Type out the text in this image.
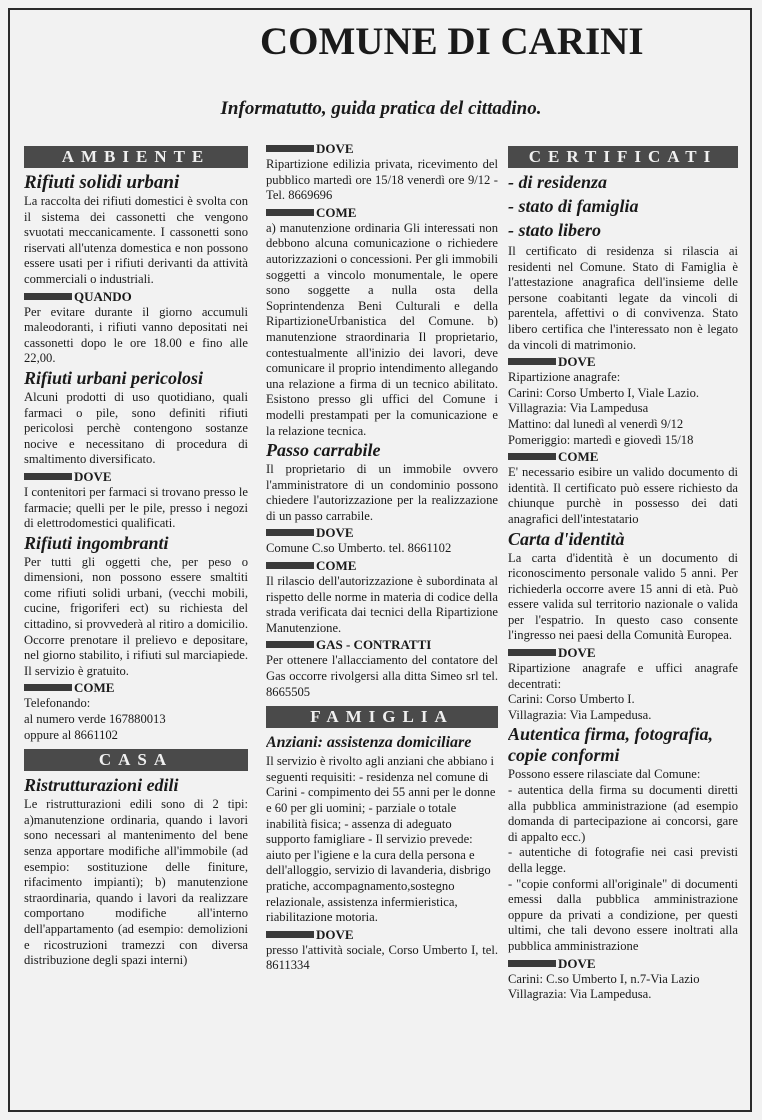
COMUNE DI CARINI

Informatutto, guida pratica del cittadino.

AMBIENTE
Rifiuti solidi urbani

La raccolta dei rifiuti domestici è svolta con il sistema dei cassonetti che vengono svuotati meccanicamente. I cassonetti sono riservati all'utenza domestica e non possono essere usati per i rifiuti derivanti da attività commerciali o industriali.

QUANDO

Per evitare durante il giorno accumuli maleodoranti, i rifiuti vanno depositati nei cassonetti dopo le ore 18.00 e fino alle 22,00.

Rifiuti urbani pericolosi

Alcuni prodotti di uso quotidiano, quali farmaci o pile, sono definiti rifiuti pericolosi perchè contengono sostanze nocive e necessitano di procedura di smaltimento diversificato.

DOVE

I contenitori per farmaci si trovano presso le farmacie; quelli per le pile, presso i negozi di elettrodomestici qualificati.

Rifiuti ingombranti

Per tutti gli oggetti che, per peso o dimensioni, non possono essere smaltiti come rifiuti solidi urbani, (vecchi mobili, cucine, frigoriferi ect) su richiesta del cittadino, si provvederà al ritiro a domicilio. Occorre prenotare il prelievo e depositare, nel giorno stabilito, i rifiuti sul marciapiede. Il servizio è gratuito.

COME

Telefonando:

al numero verde 167880013

oppure al 8661102

CASA
Ristrutturazioni edili

Le ristrutturazioni edili sono di 2 tipi: a)manutenzione ordinaria, quando i lavori sono necessari al mantenimento del bene senza apportare modifiche all'immobile (ad esempio: sostituzione delle finiture, rifacimento impianti); b) manutenzione straordinaria, quando i lavori da realizzare comportano modifiche all'interno dell'appartamento (ad esempio: demolizioni e ricostruzioni tramezzi con diversa distribuzione degli spazi interni)

DOVE

Ripartizione edilizia privata, ricevimento del pubblico martedì ore 15/18 venerdì ore 9/12 - Tel. 8669696

COME

a) manutenzione ordinaria Gli interessati non debbono alcuna comunicazione o richiedere autorizzazioni o concessioni. Per gli immobili soggetti a vincolo monumentale, le opere sono soggette a nulla osta della Soprintendenza Beni Culturali e della RipartizioneUrbanistica del Comune. b) manutenzione straordinaria Il proprietario, contestualmente all'inizio dei lavori, deve comunicare il proprio intendimento allegando una relazione a firma di un tecnico abilitato. Esistono presso gli uffici del Comune i modelli prestampati per la comunicazione e la relazione tecnica.

Passo carrabile

Il proprietario di un immobile ovvero l'amministratore di un condominio possono chiedere l'autorizzazione per la realizzazione di un passo carrabile.

DOVE

Comune C.so Umberto. tel. 8661102

COME

Il rilascio dell'autorizzazione è subordinata al rispetto delle norme in materia di codice della strada verificata dai tecnici della Ripartizione Manutenzione.

GAS - CONTRATTI

Per ottenere l'allacciamento del contatore del Gas occorre rivolgersi alla ditta Simeo srl tel. 8665505

FAMIGLIA
Anziani: assistenza domiciliare

Il servizio è rivolto agli anziani che abbiano i seguenti requisiti: - residenza nel comune di Carini - compimento dei 55 anni per le donne e 60 per gli uomini; - parziale o totale inabilità fisica; - assenza di adeguato supporto famigliare - Il servizio prevede: aiuto per l'igiene e la cura della persona e dell'alloggio, servizio di lavanderia, disbrigo pratiche, accompagnamento,sostegno relazionale, assistenza infermieristica, riabilitazione motoria.

DOVE

presso l'attività sociale, Corso Umberto I, tel. 8611334

CERTIFICATI
- di residenza
- stato di famiglia
- stato libero

Il certificato di residenza si rilascia ai residenti nel Comune. Stato di Famiglia è l'attestazione anagrafica dell'insieme delle persone coabitanti legate da vincoli di parentela, affettivi o di convivenza. Stato libero certifica che l'interessato non è legato da vincoli di matrimonio.

DOVE

Ripartizione anagrafe:

Carini: Corso Umberto I, Viale Lazio.

Villagrazia: Via Lampedusa

Mattino: dal lunedì al venerdì 9/12

Pomeriggio: martedì e giovedì 15/18

COME

E' necessario esibire un valido documento di identità. Il certificato può essere richiesto da chiunque purchè in possesso dei dati anagrafici dell'intestatario

Carta d'identità

La carta d'identità è un documento di riconoscimento personale valido 5 anni. Per richiederla occorre avere 15 anni di età. Può essere valida sul territorio nazionale o valida per l'espatrio. In questo caso consente l'ingresso nei paesi della Comunità Europea.

DOVE

Ripartizione anagrafe e uffici anagrafe decentrati:

Carini: Corso Umberto I.

Villagrazia: Via Lampedusa.

Autentica firma, fotografia, copie conformi

Possono essere rilasciate dal Comune:

- autentica della firma su documenti diretti alla pubblica amministrazione (ad esempio domanda di partecipazione ai concorsi, gare di appalto ecc.)

- autentiche di fotografie nei casi previsti della legge.

- "copie conformi all'originale" di documenti emessi dalla pubblica amministrazione oppure da privati a condizione, per questi ultimi, che tali devono essere inoltrati alla pubblica amministrazione

DOVE

Carini: C.so Umberto I, n.7-Via Lazio

Villagrazia: Via Lampedusa.
